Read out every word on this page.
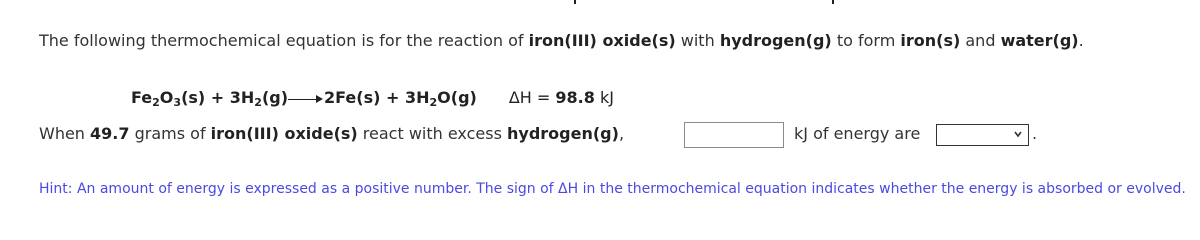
The following thermochemical equation is for the reaction of iron(III) oxide(s) with hydrogen(g) to form iron(s) and water(g).
$Fe_2O_3(s) + 3H_2(g) 2Fe(s) + 3H_2O(g) \Delta H = 98.8$ kJ
When 49.7 grams of iron(III) oxide(s) react with excess hydrogen(g),	kJ of energy are	.
Hint: An amount of energy is expressed as a positive number. The sign of ΔH in the thermochemical equation indicates whether the energy is absorbed or evolved.
